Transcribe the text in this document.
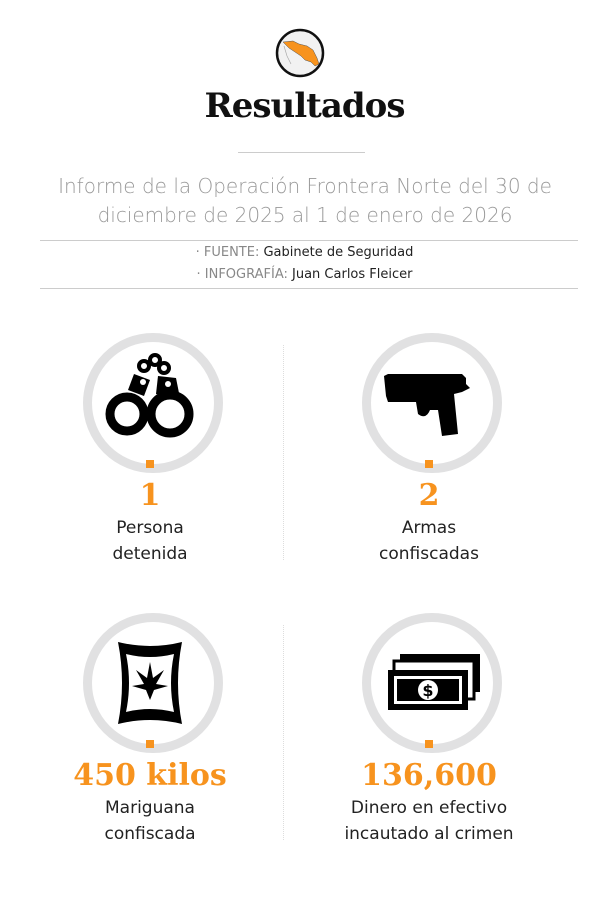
Resultados
Informe de la Operación Frontera Norte del 30 de diciembre de 2025 al 1 de enero de 2026
· FUENTE: Gabinete de Seguridad
· INFOGRAFÍA: Juan Carlos Fleicer
1
Persona
detenida
2
Armas
confiscadas
450 kilos
Mariguana
confiscada
$
136,600
Dinero en efectivo
incautado al crimen
